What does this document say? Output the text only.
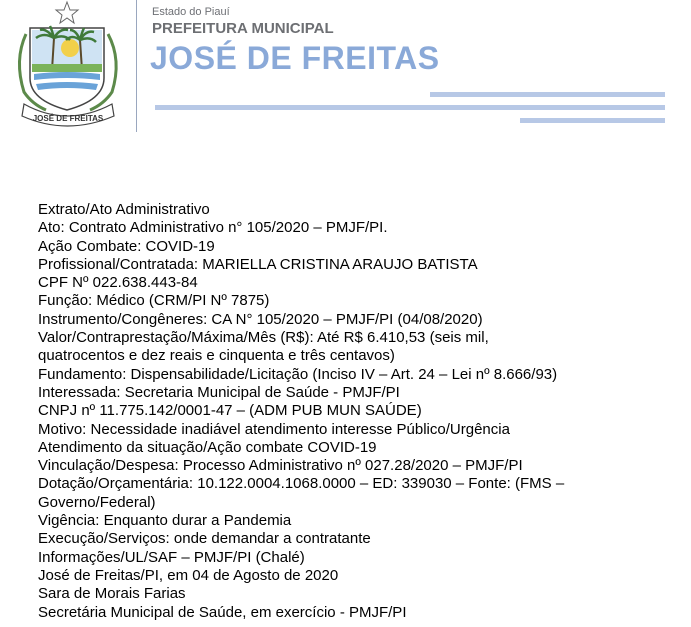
JOSÉ DE FREITAS
Estado do Piauí
PREFEITURA MUNICIPAL
JOSÉ DE FREITAS
Extrato/Ato Administrativo
Ato: Contrato Administrativo n° 105/2020 – PMJF/PI.
Ação Combate: COVID-19
Profissional/Contratada: MARIELLA CRISTINA ARAUJO BATISTA
CPF Nº 022.638.443-84
Função: Médico (CRM/PI Nº 7875)
Instrumento/Congêneres: CA N° 105/2020 – PMJF/PI (04/08/2020)
Valor/Contraprestação/Máxima/Mês (R$): Até R$ 6.410,53 (seis mil,
quatrocentos e dez reais e cinquenta e três centavos)
Fundamento: Dispensabilidade/Licitação (Inciso IV – Art. 24 – Lei nº 8.666/93)
Interessada: Secretaria Municipal de Saúde - PMJF/PI
CNPJ nº 11.775.142/0001-47 – (ADM PUB MUN SAÚDE)
Motivo: Necessidade inadiável atendimento interesse Público/Urgência
Atendimento da situação/Ação combate COVID-19
Vinculação/Despesa: Processo Administrativo nº 027.28/2020 – PMJF/PI
Dotação/Orçamentária: 10.122.0004.1068.0000 – ED: 339030 – Fonte: (FMS –
Governo/Federal)
Vigência: Enquanto durar a Pandemia
Execução/Serviços: onde demandar a contratante
Informações/UL/SAF – PMJF/PI (Chalé)
José de Freitas/PI, em 04 de Agosto de 2020
Sara de Morais Farias
Secretária Municipal de Saúde, em exercício - PMJF/PI
